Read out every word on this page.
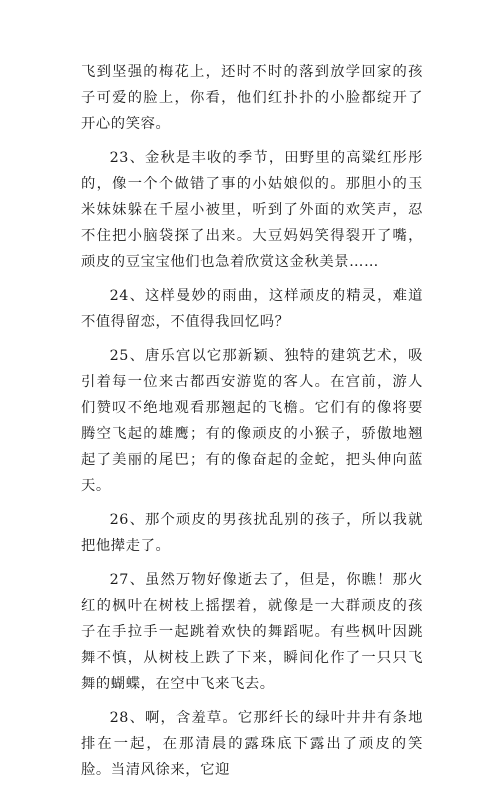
飞到坚强的梅花上，还时不时的落到放学回家的孩子可爱的脸上，你看，他们红扑扑的小脸都绽开了开心的笑容。

23、金秋是丰收的季节，田野里的高粱红彤彤的，像一个个做错了事的小姑娘似的。那胆小的玉米妹妹躲在千屋小被里，听到了外面的欢笑声，忍不住把小脑袋探了出来。大豆妈妈笑得裂开了嘴，顽皮的豆宝宝他们也急着欣赏这金秋美景……

24、这样曼妙的雨曲，这样顽皮的精灵，难道不值得留恋，不值得我回忆吗？

25、唐乐宫以它那新颖、独特的建筑艺术，吸引着每一位来古都西安游览的客人。在宫前，游人们赞叹不绝地观看那翘起的飞檐。它们有的像将要腾空飞起的雄鹰；有的像顽皮的小猴子，骄傲地翘起了美丽的尾巴；有的像奋起的金蛇，把头伸向蓝天。

26、那个顽皮的男孩扰乱别的孩子，所以我就把他撵走了。

27、虽然万物好像逝去了，但是，你瞧！那火红的枫叶在树枝上摇摆着，就像是一大群顽皮的孩子在手拉手一起跳着欢快的舞蹈呢。有些枫叶因跳舞不慎，从树枝上跌了下来，瞬间化作了一只只飞舞的蝴蝶，在空中飞来飞去。

28、啊，含羞草。它那纤长的绿叶井井有条地排在一起，在那清晨的露珠底下露出了顽皮的笑脸。当清风徐来，它迎
